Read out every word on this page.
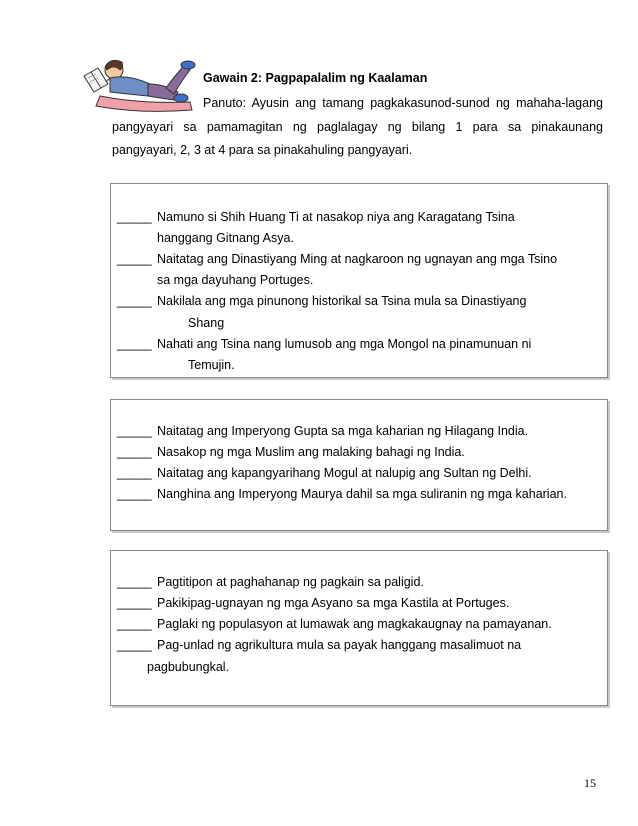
Gawain 2: Pagpapalalim ng Kaalaman
Panuto: Ayusin ang tamang pagkakasunod-sunod ng mahaha-lagang
pangyayari sa pamamagitan ng paglalagay ng bilang 1 para sa pinakaunang
pangyayari, 2, 3 at 4 para sa pinakahuling pangyayari.
_____ Namuno si Shih Huang Ti at nasakop niya ang Karagatang Tsina
hanggang Gitnang Asya.
_____ Naitatag ang Dinastiyang Ming at nagkaroon ng ugnayan ang mga Tsino
sa mga dayuhang Portuges.
_____ Nakilala ang mga pinunong historikal sa Tsina mula sa Dinastiyang
Shang
_____ Nahati ang Tsina nang lumusob ang mga Mongol na pinamunuan ni
Temujin.
_____ Naitatag ang Imperyong Gupta sa mga kaharian ng Hilagang India.
_____ Nasakop ng mga Muslim ang malaking bahagi ng India.
_____ Naitatag ang kapangyarihang Mogul at nalupig ang Sultan ng Delhi.
_____ Nanghina ang Imperyong Maurya dahil sa mga suliranin ng mga kaharian.
_____ Pagtitipon at paghahanap ng pagkain sa paligid.
_____ Pakikipag-ugnayan ng mga Asyano sa mga Kastila at Portuges.
_____ Paglaki ng populasyon at lumawak ang magkakaugnay na pamayanan.
_____ Pag-unlad ng agrikultura mula sa payak hanggang masalimuot na
pagbubungkal.
15
